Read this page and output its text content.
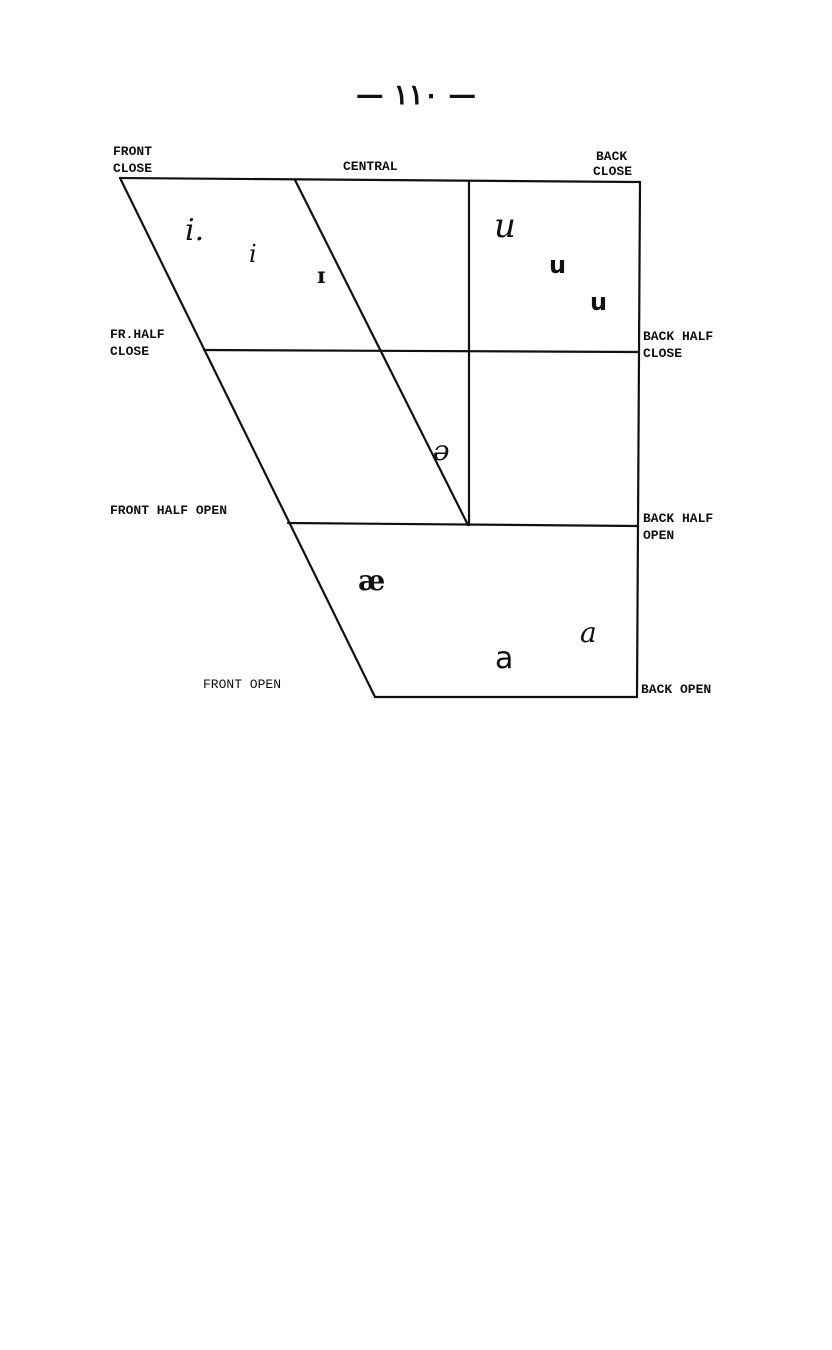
— ١١٠ —
FRONT
CLOSE	CENTRAL
BACK
CLOSE
FR.HALF
CLOSE
BACK HALF
CLOSE
FRONT HALF OPEN
BACK HALF
OPEN
FRONT OPEN	BACK OPEN
i.
i
ɪ
u
u
u
ə
æ
a
a
